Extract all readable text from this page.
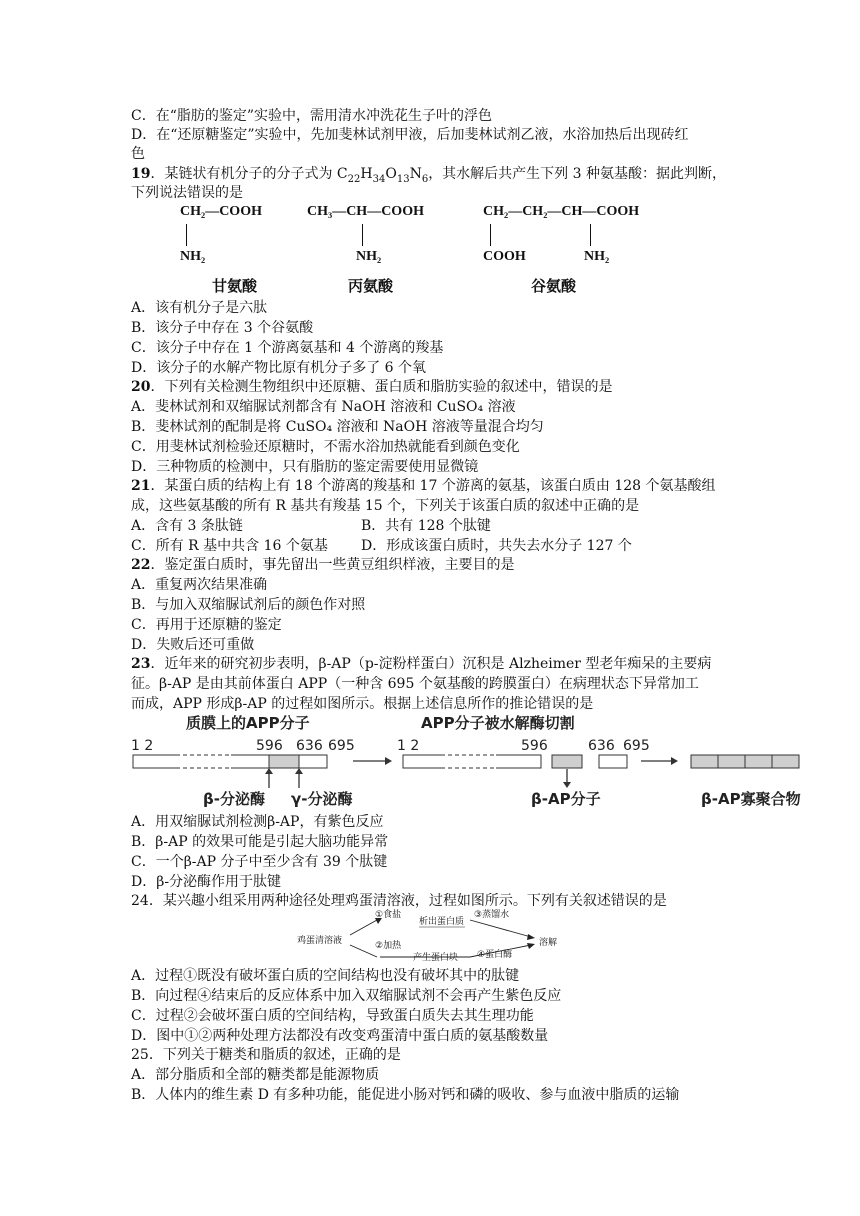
C．在“脂肪的鉴定”实验中，需用清水冲洗花生子叶的浮色
D．在“还原糖鉴定”实验中，先加斐林试剂甲液，后加斐林试剂乙液，水浴加热后出现砖红
色
19．某链状有机分子的分子式为 $C_{22}H_{34}O_{13}N_6$，其水解后共产生下列 3 种氨基酸：据此判断，
下列说法错误的是
CH₂—COOH
NH₂
甘氨酸
CH₃—CH—COOH
NH₂
丙氨酸
CH₂—CH₂—CH—COOH
COOH	NH₂
谷氨酸
A．该有机分子是六肽
B．该分子中存在 3 个谷氨酸
C．该分子中存在 1 个游离氨基和 4 个游离的羧基
D．该分子的水解产物比原有机分子多了 6 个氧
20．下列有关检测生物组织中还原糖、蛋白质和脂肪实验的叙述中，错误的是
A．斐林试剂和双缩脲试剂都含有 NaOH 溶液和 CuSO₄ 溶液
B．斐林试剂的配制是将 CuSO₄ 溶液和 NaOH 溶液等量混合均匀
C．用斐林试剂检验还原糖时，不需水浴加热就能看到颜色变化
D．三种物质的检测中，只有脂肪的鉴定需要使用显微镜
21．某蛋白质的结构上有 18 个游离的羧基和 17 个游离的氨基，该蛋白质由 128 个氨基酸组
成，这些氨基酸的所有 R 基共有羧基 15 个，下列关于该蛋白质的叙述中正确的是
A．含有 3 条肽链	B．共有 128 个肽键
C．所有 R 基中共含 16 个氨基 D．形成该蛋白质时，共失去水分子 127 个
22．鉴定蛋白质时，事先留出一些黄豆组织样液，主要目的是
A．重复两次结果准确
B．与加入双缩脲试剂后的颜色作对照
C．再用于还原糖的鉴定
D．失败后还可重做
23．近年来的研究初步表明，β-AP（p-淀粉样蛋白）沉积是 Alzheimer 型老年痴呆的主要病
征。β-AP 是由其前体蛋白 APP（一种含 695 个氨基酸的跨膜蛋白）在病理状态下异常加工
而成，APP 形成β-AP 的过程如图所示。根据上述信息所作的推论错误的是
质膜上的APP分子	APP分子被水解酶切割
1 2	596 636 695
β-分泌酶 γ-分泌酶
1 2	596	636 695
β-AP分子	β-AP寡聚合物
A．用双缩脲试剂检测β-AP，有紫色反应
B．β-AP 的效果可能是引起大脑功能异常
C．一个β-AP 分子中至少含有 39 个肽键
D．β-分泌酶作用于肽键
24．某兴趣小组采用两种途径处理鸡蛋清溶液，过程如图所示。下列有关叙述错误的是
鸡蛋清溶液
①食盐
析出蛋白质
③蒸馏水
②加热
产生蛋白块 ④蛋白酶
溶解
A．过程①既没有破坏蛋白质的空间结构也没有破坏其中的肽键
B．向过程④结束后的反应体系中加入双缩脲试剂不会再产生紫色反应
C．过程②会破坏蛋白质的空间结构，导致蛋白质失去其生理功能
D．图中①②两种处理方法都没有改变鸡蛋清中蛋白质的氨基酸数量
25．下列关于糖类和脂质的叙述，正确的是
A．部分脂质和全部的糖类都是能源物质
B．人体内的维生素 D 有多种功能，能促进小肠对钙和磷的吸收、参与血液中脂质的运输
